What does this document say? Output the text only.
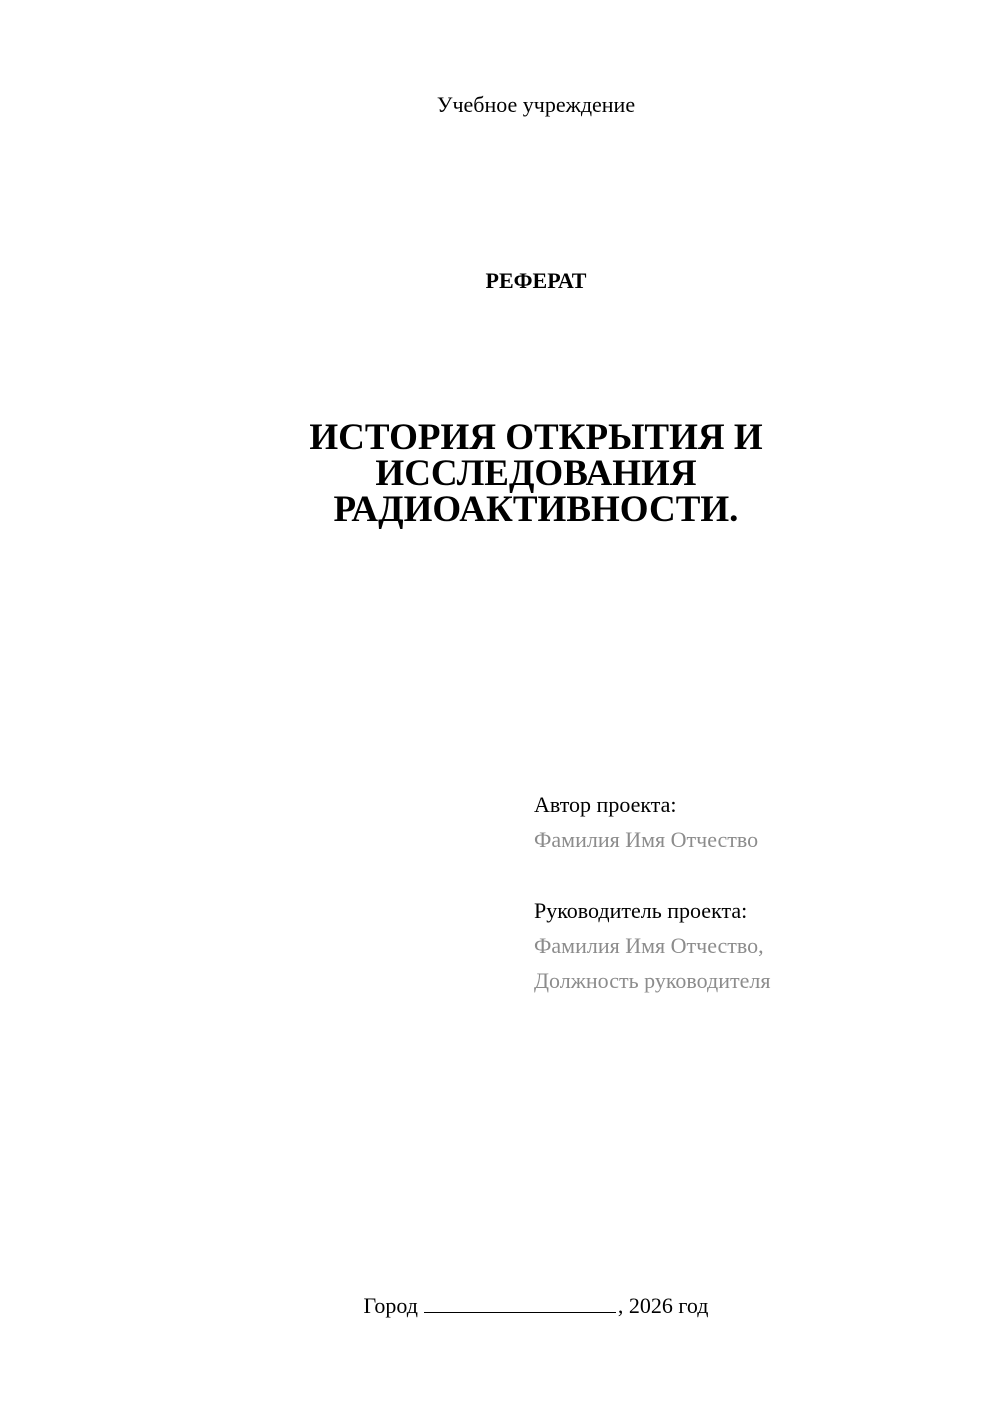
Учебное учреждение
РЕФЕРАТ
ИСТОРИЯ ОТКРЫТИЯ И
ИССЛЕДОВАНИЯ
РАДИОАКТИВНОСТИ.
Автор проекта:
Фамилия Имя Отчество
Руководитель проекта:
Фамилия Имя Отчество,
Должность руководителя
Город	, 2026 год
